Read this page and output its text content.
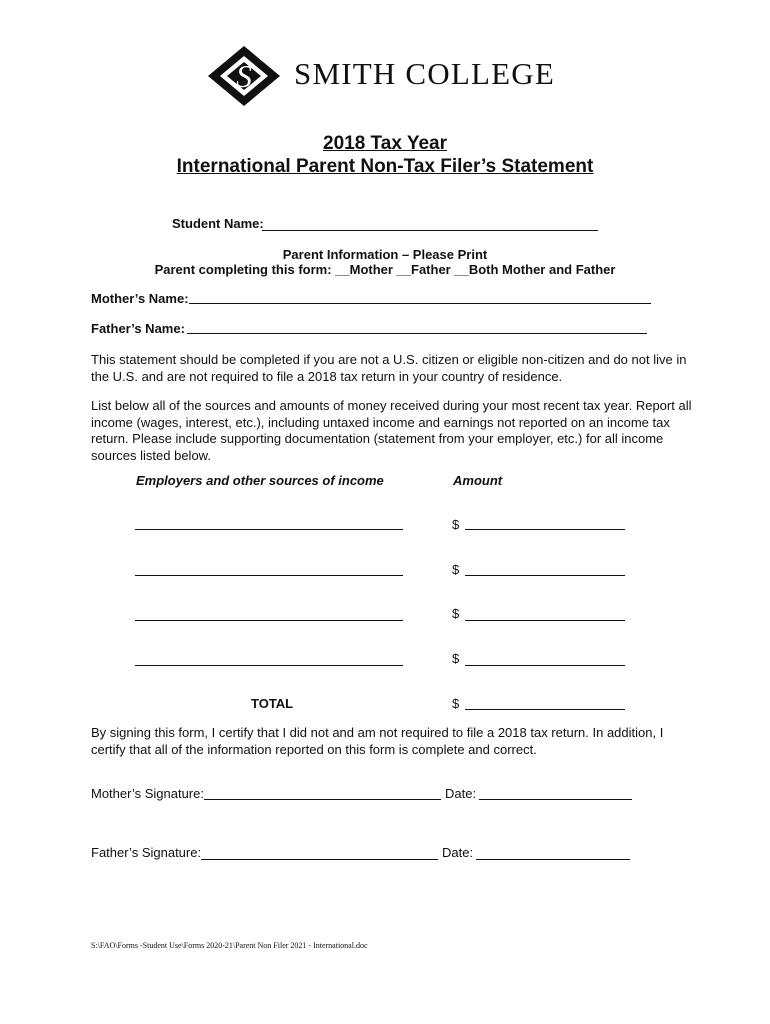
S SMITH COLLEGE
2018 Tax Year
International Parent Non-Tax Filer’s Statement
Student Name:
Parent Information – Please Print
Parent completing this form: __Mother __Father __Both Mother and Father
Mother’s Name:
Father’s Name:
This statement should be completed if you are not a U.S. citizen or eligible non-citizen and do not live in
the U.S. and are not required to file a 2018 tax return in your country of residence.
List below all of the sources and amounts of money received during your most recent tax year. Report all
income (wages, interest, etc.), including untaxed income and earnings not reported on an income tax
return. Please include supporting documentation (statement from your employer, etc.) for all income
sources listed below.
Employers and other sources of income	Amount
$
$
$
$
TOTAL	$
By signing this form, I certify that I did not and am not required to file a 2018 tax return. In addition, I
certify that all of the information reported on this form is complete and correct.
Mother’s Signature:	Date:
Father’s Signature:	Date:
S:\FAO\Forms -Student Use\Forms 2020-21\Parent Non Filer 2021 - International.doc
